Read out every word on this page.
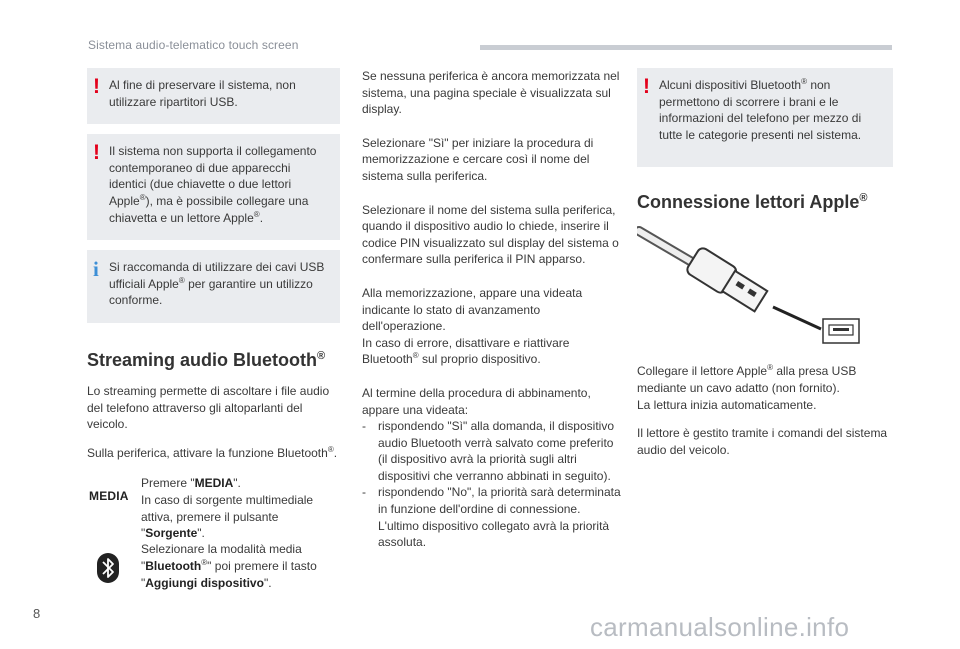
Sistema audio-telematico touch screen
! Al fine di preservare il sistema, non utilizzare ripartitori USB.

! Il sistema non supporta il collegamento contemporaneo di due apparecchi identici (due chiavette o due lettori Apple®), ma è possibile collegare una chiavetta e un lettore Apple®.

i Si raccomanda di utilizzare dei cavi USB ufficiali Apple® per garantire un utilizzo conforme.

Streaming audio Bluetooth®

Lo streaming permette di ascoltare i file audio del telefono attraverso gli altoparlanti del veicolo.

Sulla periferica, attivare la funzione Bluetooth®.

MEDIA
Premere "MEDIA".
In caso di sorgente multimediale attiva, premere il pulsante "Sorgente".
Selezionare la modalità media "Bluetooth®" poi premere il tasto "Aggiungi dispositivo".

Se nessuna periferica è ancora memorizzata nel sistema, una pagina speciale è visualizzata sul display.

Selezionare "Sì" per iniziare la procedura di memorizzazione e cercare così il nome del sistema sulla periferica.

Selezionare il nome del sistema sulla periferica, quando il dispositivo audio lo chiede, inserire il codice PIN visualizzato sul display del sistema o confermare sulla periferica il PIN apparso.

Alla memorizzazione, appare una videata indicante lo stato di avanzamento dell'operazione.

In caso di errore, disattivare e riattivare Bluetooth® sul proprio dispositivo.

Al termine della procedura di abbinamento, appare una videata:

- rispondendo "Sì" alla domanda, il dispositivo audio Bluetooth verrà salvato come preferito (il dispositivo avrà la priorità sugli altri dispositivi che verranno abbinati in seguito).
- rispondendo "No", la priorità sarà determinata in funzione dell'ordine di connessione. L'ultimo dispositivo collegato avrà la priorità assoluta.
! Alcuni dispositivi Bluetooth® non permettono di scorrere i brani e le informazioni del telefono per mezzo di tutte le categorie presenti nel sistema.

Connessione lettori Apple®

Collegare il lettore Apple® alla presa USB mediante un cavo adatto (non fornito).
La lettura inizia automaticamente.

Il lettore è gestito tramite i comandi del sistema audio del veicolo.

8	carmanualsonline.info
